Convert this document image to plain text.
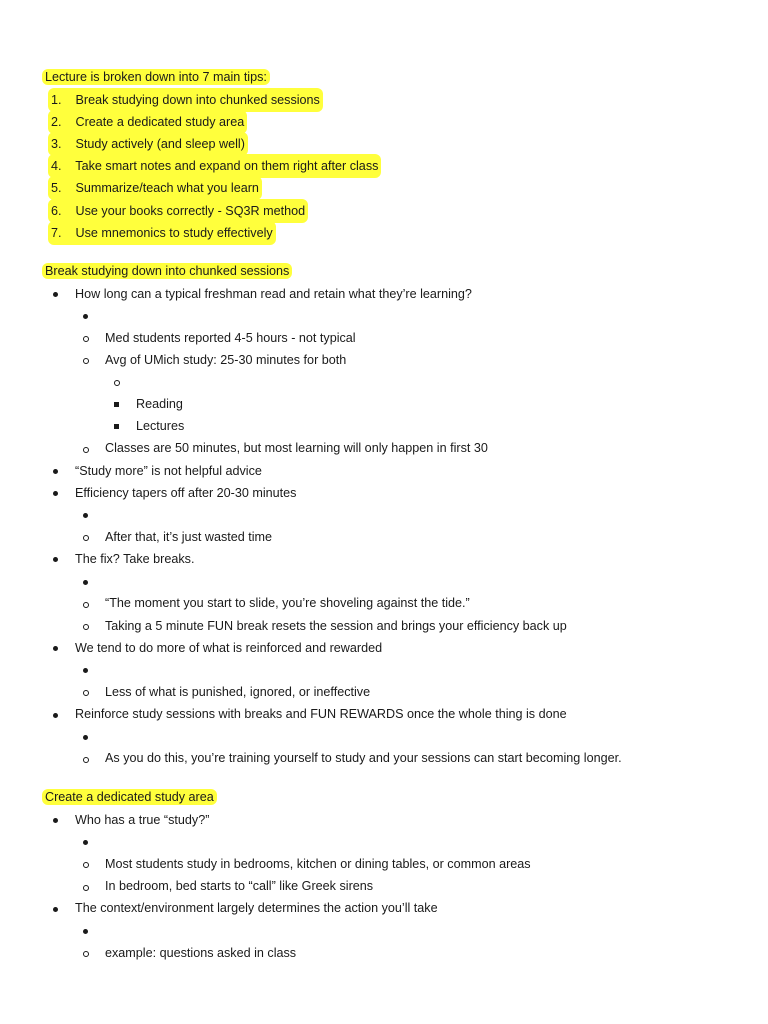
Lecture is broken down into 7 main tips:
1. Break studying down into chunked sessions
2. Create a dedicated study area
3. Study actively (and sleep well)
4. Take smart notes and expand on them right after class
5. Summarize/teach what you learn
6. Use your books correctly - SQ3R method
7. Use mnemonics to study effectively
Break studying down into chunked sessions
How long can a typical freshman read and retain what they’re learning?
Med students reported 4-5 hours - not typical
Avg of UMich study: 25-30 minutes for both
Reading
Lectures
Classes are 50 minutes, but most learning will only happen in first 30
“Study more” is not helpful advice
Efficiency tapers off after 20-30 minutes
After that, it’s just wasted time
The fix? Take breaks.
“The moment you start to slide, you’re shoveling against the tide.”
Taking a 5 minute FUN break resets the session and brings your efficiency back up
We tend to do more of what is reinforced and rewarded
Less of what is punished, ignored, or ineffective
Reinforce study sessions with breaks and FUN REWARDS once the whole thing is done
As you do this, you’re training yourself to study and your sessions can start becoming longer.
Create a dedicated study area
Who has a true “study?”
Most students study in bedrooms, kitchen or dining tables, or common areas
In bedroom, bed starts to “call” like Greek sirens
The context/environment largely determines the action you’ll take
example: questions asked in class
